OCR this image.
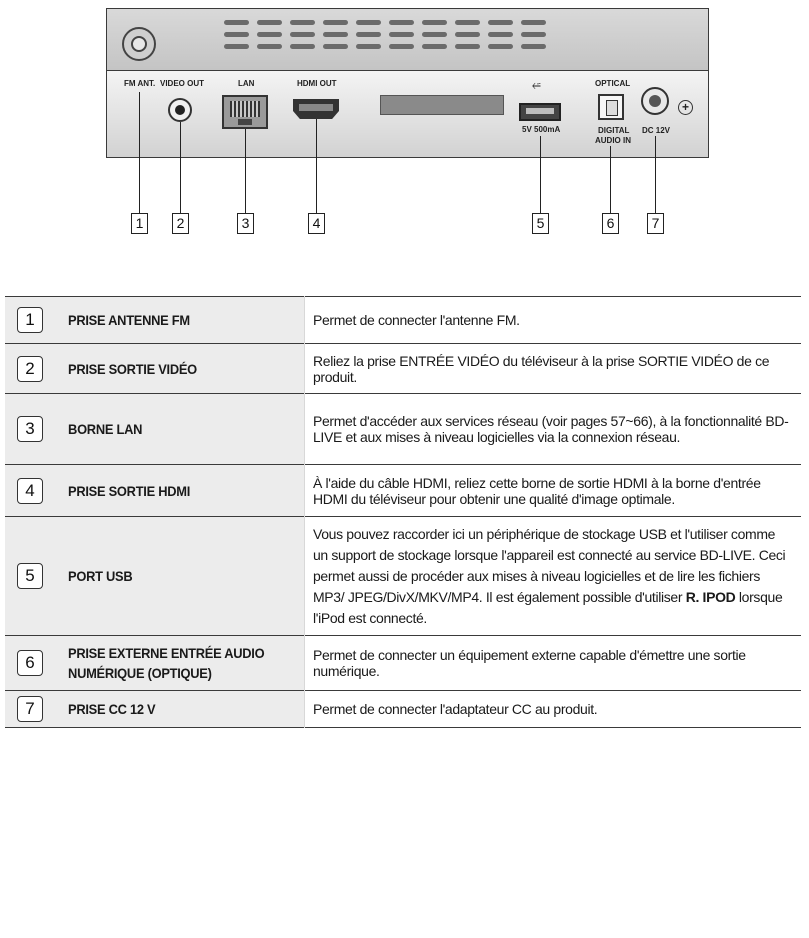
FM ANT. VIDEO OUT	LAN	HDMI OUT	⭁
5V 500mA
OPTICAL
DIGITAL
AUDIO IN
DC 12V
+
1	2	3	4	5	6	7
1	PRISE ANTENNE FM	Permet de connecter l'antenne FM.

2	PRISE SORTIE VIDÉO	Reliez la prise ENTRÉE VIDÉO du téléviseur à la prise SORTIE VIDÉO de ce produit.

3	BORNE LAN	Permet d'accéder aux services réseau (voir pages 57~66), à la fonctionnalité BD-LIVE et aux mises à niveau logicielles via la connexion réseau.

4	PRISE SORTIE HDMI	À l'aide du câble HDMI, reliez cette borne de sortie HDMI à la borne d'entrée HDMI du téléviseur pour obtenir une qualité d'image optimale.

5	PORT USB	Vous pouvez raccorder ici un périphérique de stockage USB et l'utiliser comme un support de stockage lorsque l'appareil est connecté au service BD-LIVE. Ceci permet aussi de procéder aux mises à niveau logicielles et de lire les fichiers MP3/ JPEG/DivX/MKV/MP4. Il est également possible d'utiliser R. IPOD lorsque l'iPod est connecté.

6	PRISE EXTERNE ENTRÉE AUDIO
NUMÉRIQUE (OPTIQUE)	Permet de connecter un équipement externe capable d'émettre une sortie numérique.

7	PRISE CC 12 V	Permet de connecter l'adaptateur CC au produit.
